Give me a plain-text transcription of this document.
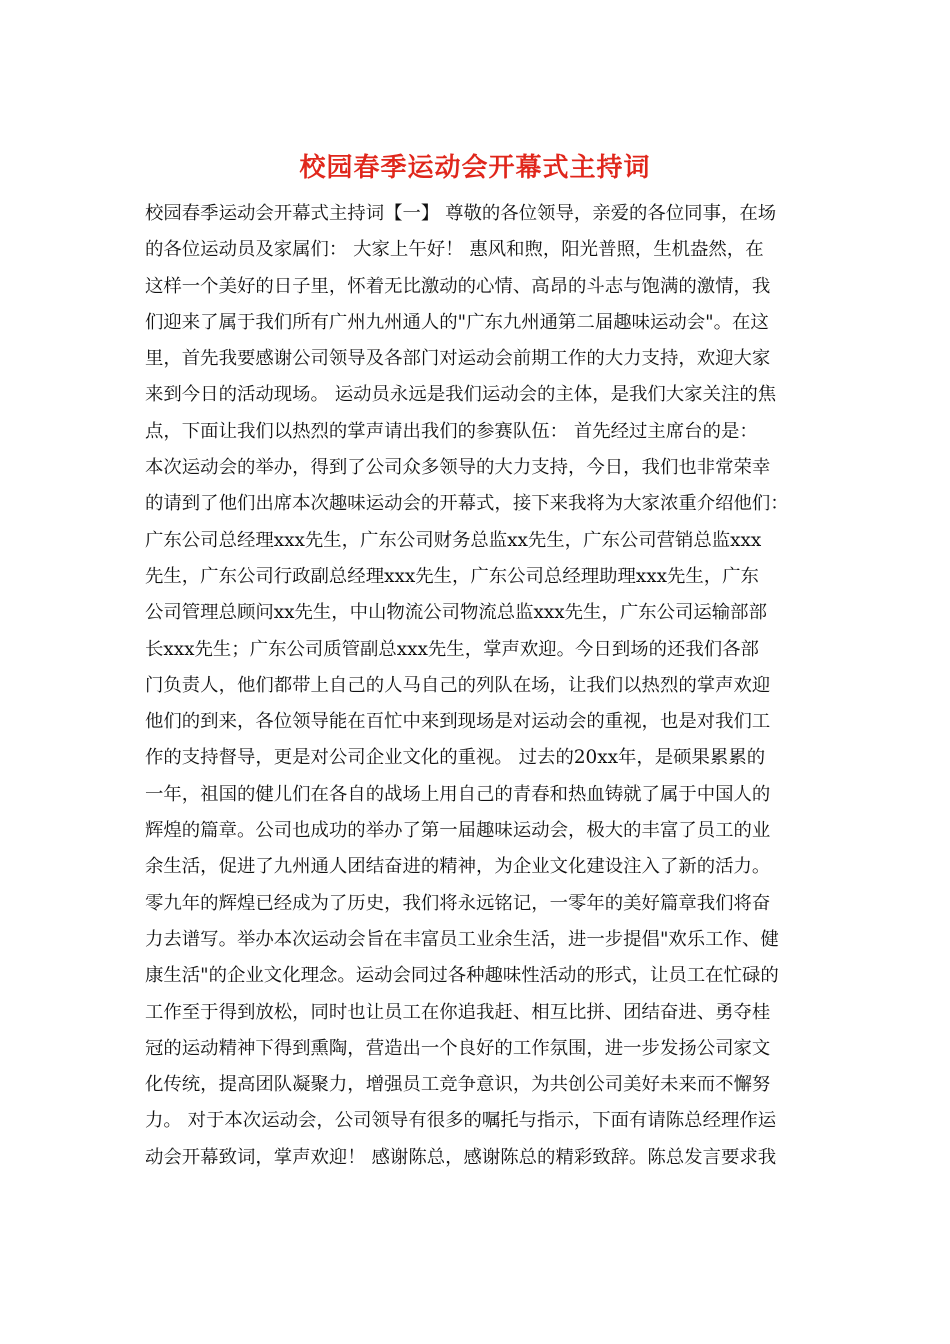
校园春季运动会开幕式主持词
校园春季运动会开幕式主持词【一】 尊敬的各位领导，亲爱的各位同事，在场
的各位运动员及家属们： 大家上午好！ 惠风和煦，阳光普照，生机盎然，在
这样一个美好的日子里，怀着无比激动的心情、高昂的斗志与饱满的激情，我
们迎来了属于我们所有广州九州通人的"广东九州通第二届趣味运动会"。在这
里，首先我要感谢公司领导及各部门对运动会前期工作的大力支持，欢迎大家
来到今日的活动现场。 运动员永远是我们运动会的主体，是我们大家关注的焦
点，下面让我们以热烈的掌声请出我们的参赛队伍： 首先经过主席台的是：
本次运动会的举办，得到了公司众多领导的大力支持，今日，我们也非常荣幸
的请到了他们出席本次趣味运动会的开幕式，接下来我将为大家浓重介绍他们：
广东公司总经理xxx先生，广东公司财务总监xx先生，广东公司营销总监xxx
先生，广东公司行政副总经理xxx先生，广东公司总经理助理xxx先生，广东
公司管理总顾问xx先生，中山物流公司物流总监xxx先生，广东公司运输部部
长xxx先生；广东公司质管副总xxx先生，掌声欢迎。今日到场的还我们各部
门负责人，他们都带上自己的人马自己的列队在场，让我们以热烈的掌声欢迎
他们的到来，各位领导能在百忙中来到现场是对运动会的重视，也是对我们工
作的支持督导，更是对公司企业文化的重视。 过去的20xx年，是硕果累累的
一年，祖国的健儿们在各自的战场上用自己的青春和热血铸就了属于中国人的
辉煌的篇章。公司也成功的举办了第一届趣味运动会，极大的丰富了员工的业
余生活，促进了九州通人团结奋进的精神，为企业文化建设注入了新的活力。
零九年的辉煌已经成为了历史，我们将永远铭记，一零年的美好篇章我们将奋
力去谱写。举办本次运动会旨在丰富员工业余生活，进一步提倡"欢乐工作、健
康生活"的企业文化理念。运动会同过各种趣味性活动的形式，让员工在忙碌的
工作至于得到放松，同时也让员工在你追我赶、相互比拼、团结奋进、勇夺桂
冠的运动精神下得到熏陶，营造出一个良好的工作氛围，进一步发扬公司家文
化传统，提高团队凝聚力，增强员工竞争意识，为共创公司美好未来而不懈努
力。 对于本次运动会，公司领导有很多的嘱托与指示，下面有请陈总经理作运
动会开幕致词，掌声欢迎！ 感谢陈总，感谢陈总的精彩致辞。陈总发言要求我
